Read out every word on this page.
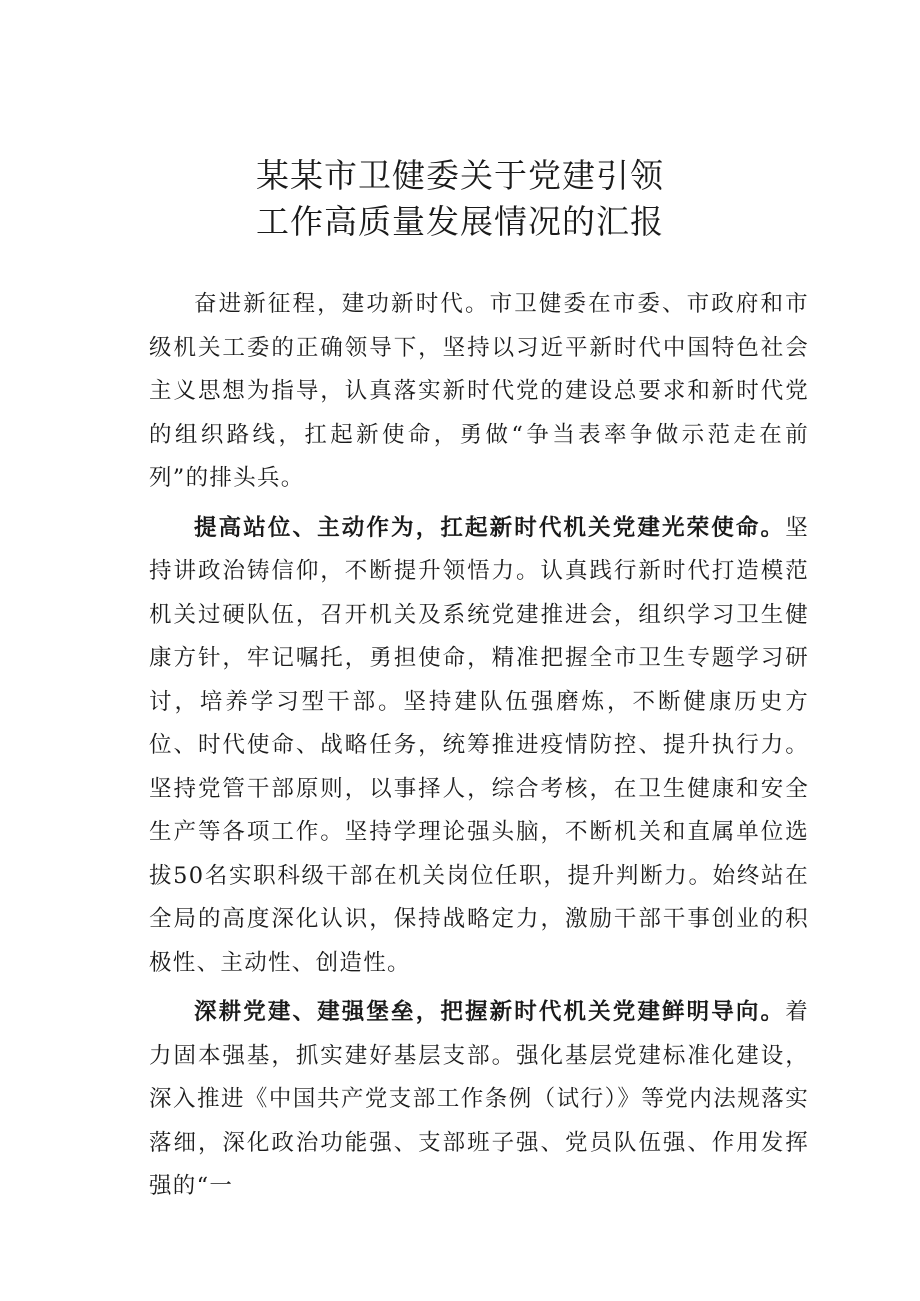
某某市卫健委关于党建引领
工作高质量发展情况的汇报

奋进新征程，建功新时代。市卫健委在市委、市政府和市级机关工委的正确领导下，坚持以习近平新时代中国特色社会主义思想为指导，认真落实新时代党的建设总要求和新时代党的组织路线，扛起新使命，勇做“争当表率争做示范走在前列”的排头兵。

提高站位、主动作为，扛起新时代机关党建光荣使命。坚持讲政治铸信仰，不断提升领悟力。认真践行新时代打造模范机关过硬队伍，召开机关及系统党建推进会，组织学习卫生健康方针，牢记嘱托，勇担使命，精准把握全市卫生专题学习研讨，培养学习型干部。坚持建队伍强磨炼，不断健康历史方位、时代使命、战略任务，统筹推进疫情防控、提升执行力。坚持党管干部原则，以事择人，综合考核，在卫生健康和安全生产等各项工作。坚持学理论强头脑，不断机关和直属单位选拔50名实职科级干部在机关岗位任职，提升判断力。始终站在全局的高度深化认识，保持战略定力，激励干部干事创业的积极性、主动性、创造性。

深耕党建、建强堡垒，把握新时代机关党建鲜明导向。着力固本强基，抓实建好基层支部。强化基层党建标准化建设，深入推进《中国共产党支部工作条例（试行）》等党内法规落实落细，深化政治功能强、支部班子强、党员队伍强、作用发挥强的“一
